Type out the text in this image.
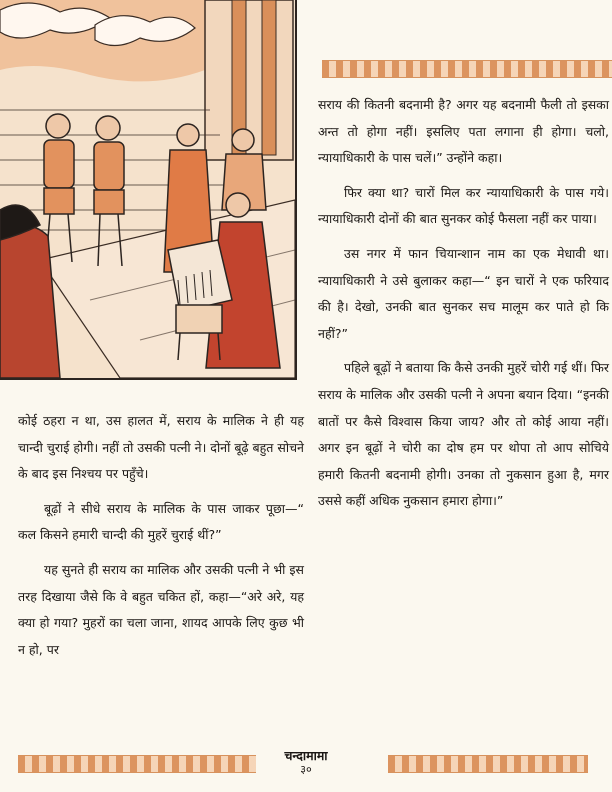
सराय की कितनी बदनामी है? अगर यह बदनामी फैली तो इसका अन्त तो होगा नहीं। इसलिए पता लगाना ही होगा। चलो, न्यायाधिकारी के पास चलें।” उन्होंने कहा।

फिर क्या था? चारों मिल कर न्यायाधिकारी के पास गये। न्यायाधिकारी दोनों की बात सुनकर कोई फैसला नहीं कर पाया।

उस नगर में फान चियान्शान नाम का एक मेधावी था। न्यायाधिकारी ने उसे बुलाकर कहा—“ इन चारों ने एक फरियाद की है। देखो, उनकी बात सुनकर सच मालूम कर पाते हो कि नहीं?”

पहिले बूढ़ों ने बताया कि कैसे उनकी मुहरें चोरी गई थीं। फिर सराय के मालिक और उसकी पत्नी ने अपना बयान दिया। “इनकी बातों पर कैसे विश्वास किया जाय? और तो कोई आया नहीं। अगर इन बूढ़ों ने चोरी का दोष हम पर थोपा तो आप सोचिये हमारी कितनी बदनामी होगी। उनका तो नुकसान हुआ है, मगर उससे कहीं अधिक नुकसान हमारा होगा।”

कोई ठहरा न था, उस हालत में, सराय के मालिक ने ही यह चान्दी चुराई होगी। नहीं तो उसकी पत्नी ने। दोनों बूढ़े बहुत सोचने के बाद इस निश्चय पर पहुँचे।

बूढ़ों ने सीधे सराय के मालिक के पास जाकर पूछा—“ कल किसने हमारी चान्दी की मुहरें चुराई थीं?”

यह सुनते ही सराय का मालिक और उसकी पत्नी ने भी इस तरह दिखाया जैसे कि वे बहुत चकित हों, कहा—“अरे अरे, यह क्या हो गया? मुहरों का चला जाना, शायद आपके लिए कुछ भी न हो, पर

चन्दामामा
३०
